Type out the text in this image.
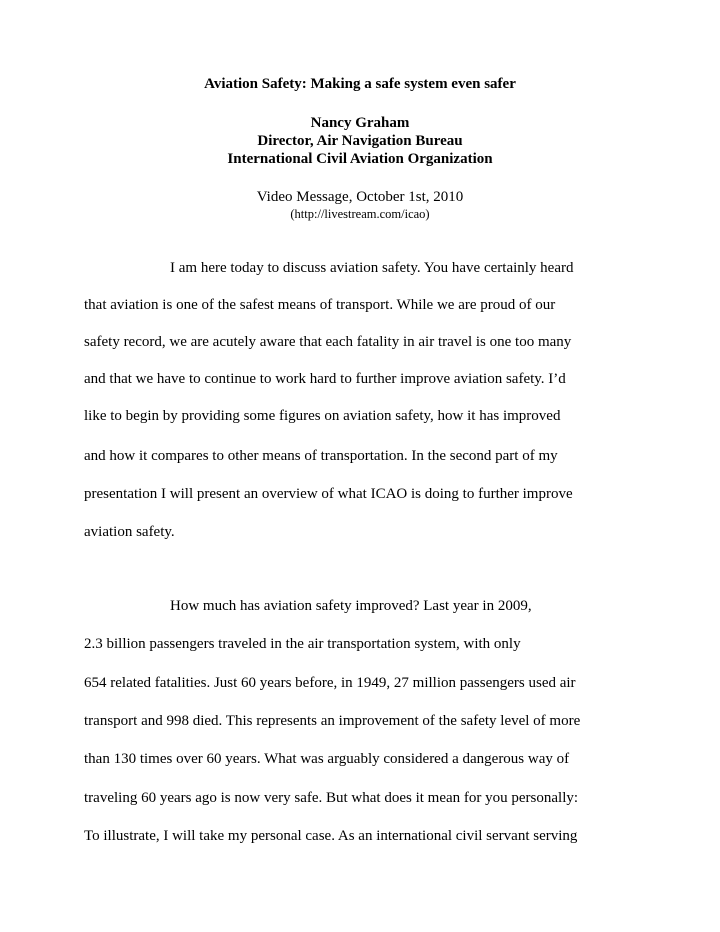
Aviation Safety: Making a safe system even safer
Nancy Graham
Director, Air Navigation Bureau
International Civil Aviation Organization
Video Message, October 1st, 2010
(http://livestream.com/icao)
I am here today to discuss aviation safety. You have certainly heard
that aviation is one of the safest means of transport. While we are proud of our
safety record, we are acutely aware that each fatality in air travel is one too many
and that we have to continue to work hard to further improve aviation safety. I’d
like to begin by providing some figures on aviation safety, how it has improved
and how it compares to other means of transportation. In the second part of my
presentation I will present an overview of what ICAO is doing to further improve
aviation safety.
How much has aviation safety improved? Last year in 2009,
2.3 billion passengers traveled in the air transportation system, with only
654 related fatalities. Just 60 years before, in 1949, 27 million passengers used air
transport and 998 died. This represents an improvement of the safety level of more
than 130 times over 60 years. What was arguably considered a dangerous way of
traveling 60 years ago is now very safe. But what does it mean for you personally:
To illustrate, I will take my personal case. As an international civil servant serving
